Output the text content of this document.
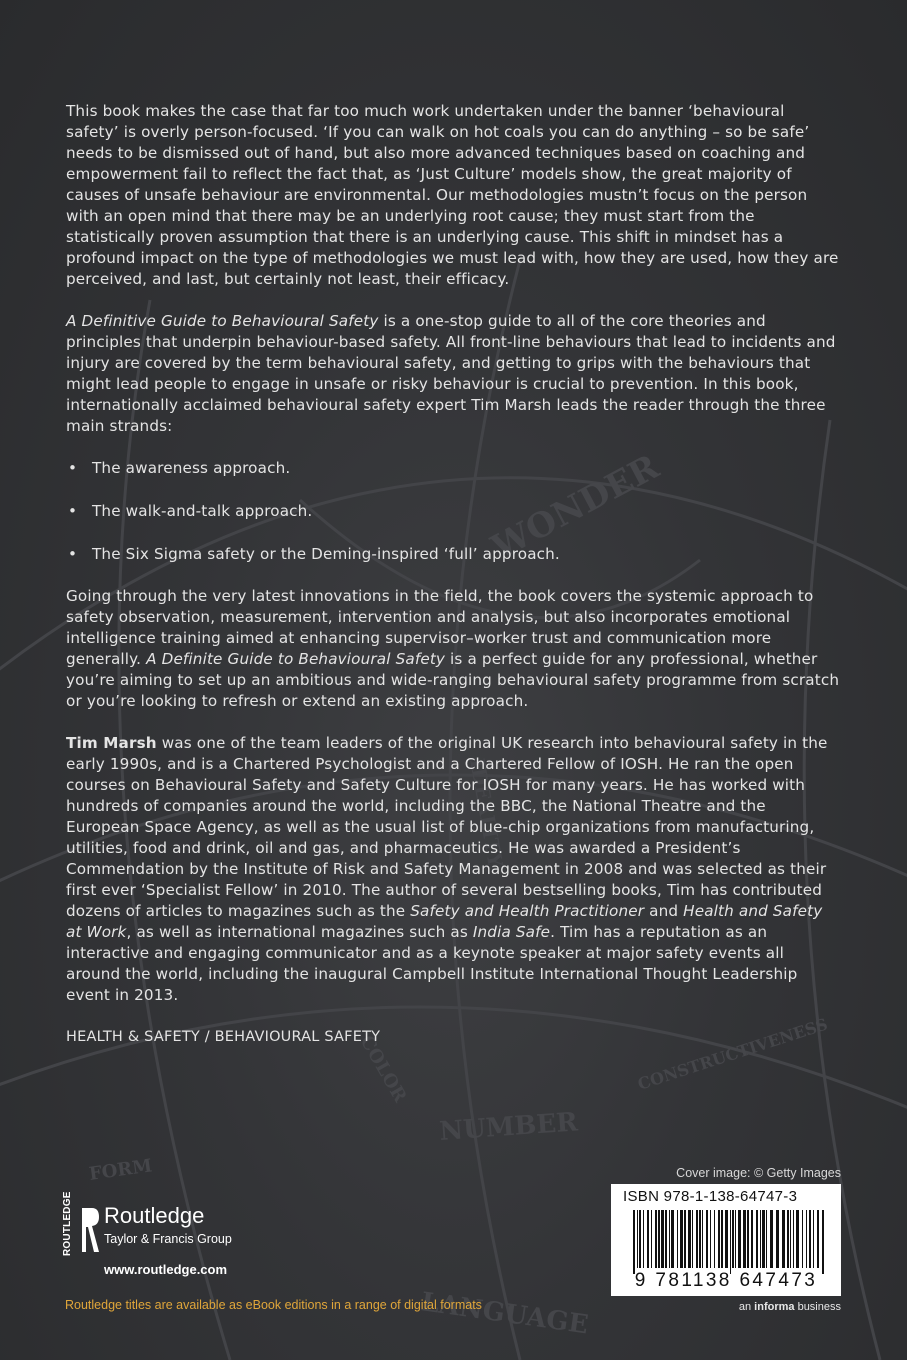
WONDER
NUMBER
CONSTRUCTIVENESS
LANGUAGE
COLOR
FORM
IDEALITY

This book makes the case that far too much work undertaken under the banner ‘behavioural safety’ is overly person-focused. ‘If you can walk on hot coals you can do anything – so be safe’ needs to be dismissed out of hand, but also more advanced techniques based on coaching and empowerment fail to reflect the fact that, as ‘Just Culture’ models show, the great majority of causes of unsafe behaviour are environmental. Our methodologies mustn’t focus on the person with an open mind that there may be an underlying root cause; they must start from the statistically proven assumption that there is an underlying cause. This shift in mindset has a profound impact on the type of methodologies we must lead with, how they are used, how they are perceived, and last, but certainly not least, their efficacy.

A Definitive Guide to Behavioural Safety is a one-stop guide to all of the core theories and principles that underpin behaviour-based safety. All front-line behaviours that lead to incidents and injury are covered by the term behavioural safety, and getting to grips with the behaviours that might lead people to engage in unsafe or risky behaviour is crucial to prevention. In this book, internationally acclaimed behavioural safety expert Tim Marsh leads the reader through the three main strands:

• The awareness approach.
• The walk-and-talk approach.
• The Six Sigma safety or the Deming-inspired ‘full’ approach.

Going through the very latest innovations in the field, the book covers the systemic approach to safety observation, measurement, intervention and analysis, but also incorporates emotional intelligence training aimed at enhancing supervisor–worker trust and communication more generally. A Definite Guide to Behavioural Safety is a perfect guide for any professional, whether you’re aiming to set up an ambitious and wide-ranging behavioural safety programme from scratch or you’re looking to refresh or extend an existing approach.

Tim Marsh was one of the team leaders of the original UK research into behavioural safety in the early 1990s, and is a Chartered Psychologist and a Chartered Fellow of IOSH. He ran the open courses on Behavioural Safety and Safety Culture for IOSH for many years. He has worked with hundreds of companies around the world, including the BBC, the National Theatre and the European Space Agency, as well as the usual list of blue-chip organizations from manufacturing, utilities, food and drink, oil and gas, and pharmaceutics. He was awarded a President’s Commendation by the Institute of Risk and Safety Management in 2008 and was selected as their first ever ‘Specialist Fellow’ in 2010. The author of several bestselling books, Tim has contributed dozens of articles to magazines such as the Safety and Health Practitioner and Health and Safety at Work, as well as international magazines such as India Safe. Tim has a reputation as an interactive and engaging communicator and as a keynote speaker at major safety events all around the world, including the inaugural Campbell Institute International Thought Leadership event in 2013.

HEALTH & SAFETY / BEHAVIOURAL SAFETY
Cover image: © Getty Images
ISBN 978-1-138-64747-3
9 781138 647473
an informa business
ROUTLEDGE Routledge
Taylor & Francis Group
www.routledge.com
Routledge titles are available as eBook editions in a range of digital formats
